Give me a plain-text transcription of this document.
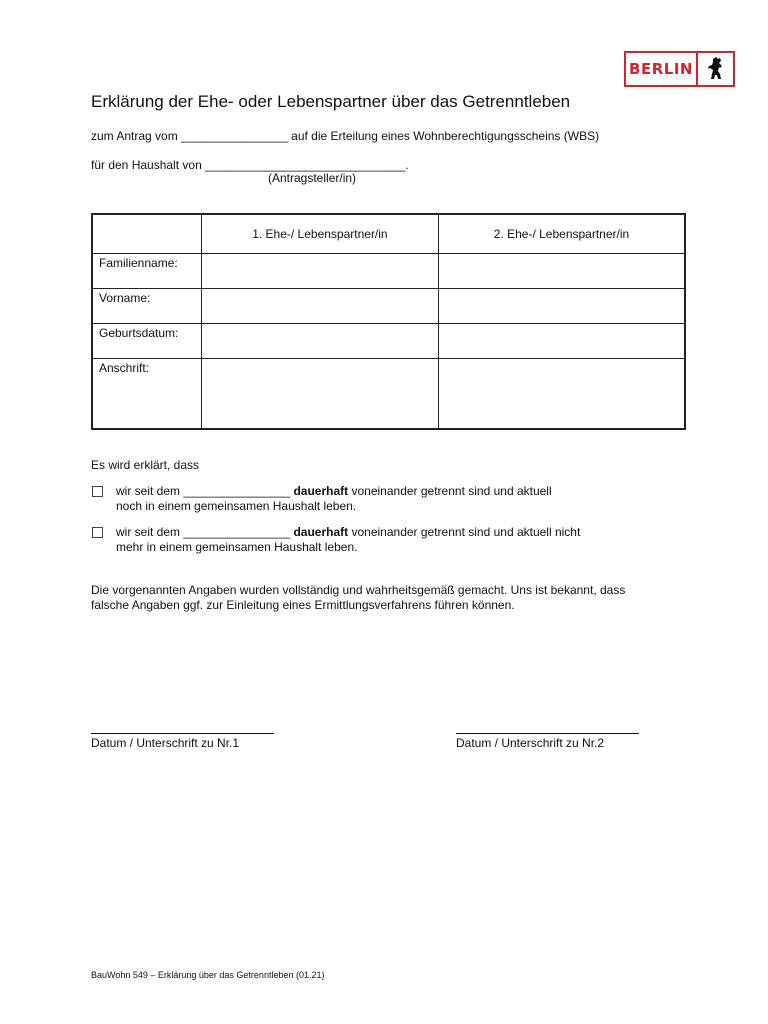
BERLIN
Erklärung der Ehe- oder Lebenspartner über das Getrenntleben
zum Antrag vom ________________ auf die Erteilung eines Wohnberechtigungsscheins (WBS)
für den Haushalt von ______________________________.
(Antragsteller/in)
	1. Ehe-/ Lebenspartner/in	2. Ehe-/ Lebenspartner/in

Familienname:		

Vorname:		

Geburtsdatum:		

Anschrift:		

Es wird erklärt, dass
wir seit dem ________________ dauerhaft voneinander getrennt sind und aktuell
noch in einem gemeinsamen Haushalt leben.
wir seit dem ________________ dauerhaft voneinander getrennt sind und aktuell nicht
mehr in einem gemeinsamen Haushalt leben.
Die vorgenannten Angaben wurden vollständig und wahrheitsgemäß gemacht. Uns ist bekannt, dass
falsche Angaben ggf. zur Einleitung eines Ermittlungsverfahrens führen können.
Datum / Unterschrift zu Nr.1	Datum / Unterschrift zu Nr.2
BauWohn 549 – Erklärung über das Getrenntleben (01.21)
